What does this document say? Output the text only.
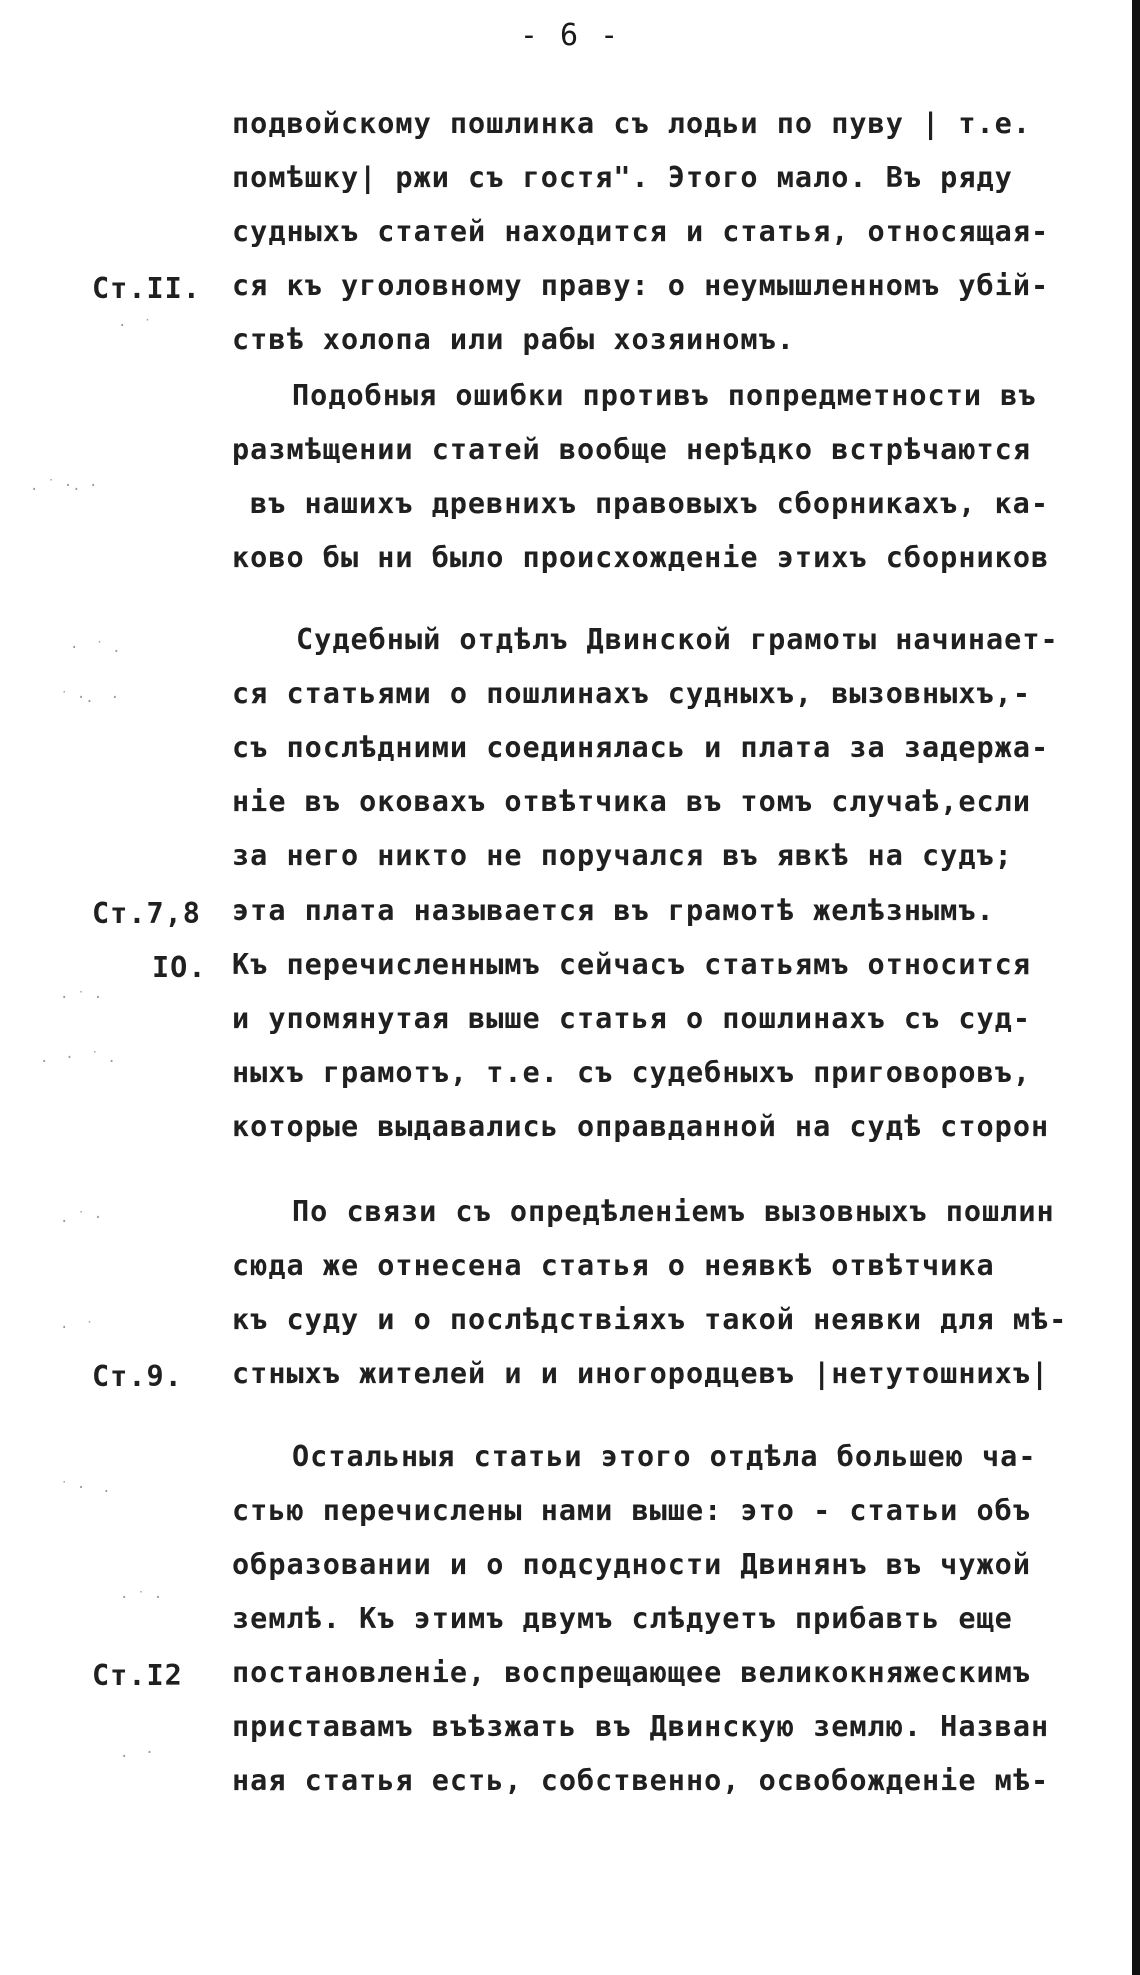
- 6 -
подвойскому пошлинка съ лодьи по пуву | т.е.
помѣшку| ржи съ гостя". Этого мало. Въ ряду
судныхъ статей находится и статья, относящая-
ся къ уголовному праву: о неумышленномъ убій-
ствѣ холопа или рабы хозяиномъ.
Подобныя ошибки противъ попредметности въ
размѣщении статей вообще нерѣдко встрѣчаются
въ нашихъ древнихъ правовыхъ сборникахъ, ка-
ково бы ни было происхожденіе этихъ сборников
Судебный отдѣлъ Двинской грамоты начинает-
ся статьями о пошлинахъ судныхъ, вызовныхъ,-
съ послѣдними соединялась и плата за задержа-
ніе въ оковахъ отвѣтчика въ томъ случаѣ,если
за него никто не поручался въ явкѣ на судъ;
эта плата называется въ грамотѣ желѣзнымъ.
Къ перечисленнымъ сейчасъ статьямъ относится
и упомянутая выше статья о пошлинахъ съ суд-
ныхъ грамотъ, т.е. съ судебныхъ приговоровъ,
которые выдавались оправданной на судѣ сторон
По связи съ опредѣленіемъ вызовныхъ пошлин
сюда же отнесена статья о неявкѣ отвѣтчика
къ суду и о послѣдствіяхъ такой неявки для мѣ-
стныхъ жителей и и иногородцевъ |нетутошнихъ|
Остальныя статьи этого отдѣла большею ча-
стью перечислены нами выше: это - статьи объ
образовании и о подсудности Двинянъ въ чужой
землѣ. Къ этимъ двумъ слѣдуетъ прибавть еще
постановленіе, воспрещающее великокняжескимъ
приставамъ въѣзжать въ Двинскую землю. Назван
ная статья есть, собственно, освобожденіе мѣ-
Ст.II.
Ст.7,8
IO.
Ст.9.
Ст.I2
·  ˙
. ˙ ·. ·
·  ˙ .
˙ ·.  ·
· ˙ ·
.  ·  ˙ .
. ˙ ·
·  ˙
˙ ·  .
· ˙ ·
.  ·
